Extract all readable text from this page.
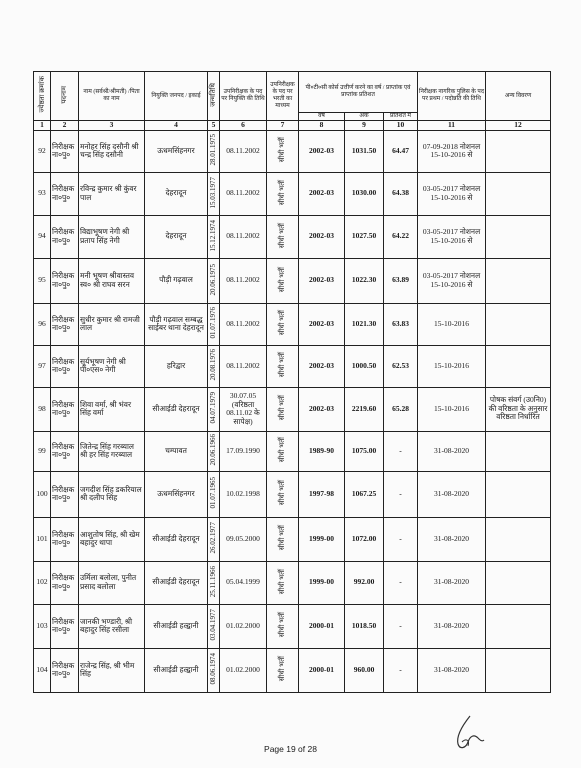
ज्येष्ठता क्रमांक	पदनाम	नाम (सर्वश्री/श्रीमती) /पिता का नाम	नियुक्ति जनपद / इकाई	जन्मतिथि	उपनिरीक्षक के पद पर नियुक्ति की तिथि	उपनिरीक्षक के पद पर भरती का माध्यम	पी०टी०सी कोर्स उत्तीर्ण करने का वर्ष / प्राप्तांक एवं प्राप्तांक प्रतिशत			निरीक्षक नागरिक पुलिस के पद पर प्रथम / पदोन्नति की तिथि	अन्य विवरण
							वर्ष	अंक	प्रतिशत में		
1	2	3	4	5	6	7	8	9	10	11	12
92	निरीक्षक ना०पु०	मनोहर सिंह दसौनी श्री चन्द्र सिंह दसौनी	ऊधमसिंहनगर	28.01.1975	08.11.2002	सीधी भर्ती	2002-03	1031.50	64.47	07-09-2018 नोशनल 15-10-2016 से	
93	निरीक्षक ना०पु०	रविन्द्र कुमार श्री कुंवर पाल	देहरादून	15.03.1977	08.11.2002	सीधी भर्ती	2002-03	1030.00	64.38	03-05-2017 नोशनल 15-10-2016 से	
94	निरीक्षक ना०पु०	विद्याभूषण नेगी श्री प्रताप सिंह नेगी	देहरादून	15.12.1974	08.11.2002	सीधी भर्ती	2002-03	1027.50	64.22	03-05-2017 नोशनल 15-10-2016 से	
95	निरीक्षक ना०पु०	मनी भूषण श्रीवास्तव स्व० श्री राघव सरन	पौड़ी गढ़वाल	20.06.1975	08.11.2002	सीधी भर्ती	2002-03	1022.30	63.89	03-05-2017 नोशनल 15-10-2016 से	
96	निरीक्षक ना०पु०	सुधीर कुमार श्री रामजी लाल	पौड़ी गढ़वाल सम्बद्ध साईबर थाना देहरादून	01.07.1976	08.11.2002	सीधी भर्ती	2002-03	1021.30	63.83	15-10-2016	
97	निरीक्षक ना०पु०	सूर्यभूषण नेगी श्री पी०एस० नेगी	हरिद्वार	20.08.1976	08.11.2002	सीधी भर्ती	2002-03	1000.50	62.53	15-10-2016	
98	निरीक्षक ना०पु०	शिवा वर्मा, श्री भंवर सिंह वर्मा	सीआईडी देहरादून	04.07.1979	30.07.05 (वरिष्ठता 08.11.02 के सापेक्ष)	सीधी भर्ती	2002-03	2219.60	65.28	15-10-2016	पोषक संवर्ग (उ0नि0) की वरिष्ठता के अनुसार वरिष्ठता निर्धारित
99	निरीक्षक ना०पु०	जितेन्द्र सिंह गरब्याल श्री हर सिंह गरब्याल	चम्पावत	20.06.1966	17.09.1990	सीधी भर्ती	1989-90	1075.00	-	31-08-2020	
100	निरीक्षक ना०पु०	जगदीश सिंह डकरियाल श्री दलीप सिंह	ऊधमसिंहनगर	01.07.1965	10.02.1998	सीधी भर्ती	1997-98	1067.25	-	31-08-2020	
101	निरीक्षक ना०पु०	आशुतोष सिंह, श्री खेम बहादुर थापा	सीआईडी देहरादून	26.02.1977	09.05.2000	सीधी भर्ती	1999-00	1072.00	-	31-08-2020	
102	निरीक्षक ना०पु०	उर्मिला बलोला, पुनीत प्रसाद बलोला	सीआईडी देहरादून	25.11.1966	05.04.1999	सीधी भर्ती	1999-00	992.00	-	31-08-2020	
103	निरीक्षक ना०पु०	जानकी भण्डारी, श्री बहादुर सिंह रसीला	सीआईडी हल्द्वानी	03.04.1977	01.02.2000	सीधी भर्ती	2000-01	1018.50	-	31-08-2020	
104	निरीक्षक ना०पु०	राजेन्द्र सिंह, श्री भीम सिंह	सीआईडी हल्द्वानी	08.06.1974	01.02.2000	सीधी भर्ती	2000-01	960.00	-	31-08-2020	
Page 19 of 28
